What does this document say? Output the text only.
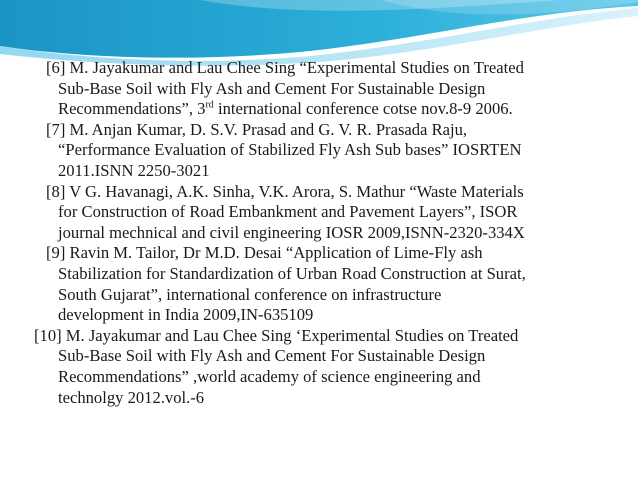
[6] M. Jayakumar and Lau Chee Sing “Experimental Studies on Treated
Sub-Base Soil with Fly Ash and Cement For Sustainable Design
Recommendations”, 3rd international conference cotse nov.8-9 2006.
[7] M. Anjan Kumar, D. S.V. Prasad and G. V. R. Prasada Raju,
“Performance Evaluation of Stabilized Fly Ash Sub bases” IOSRTEN
2011.ISNN 2250-3021
[8] V G. Havanagi, A.K. Sinha, V.K. Arora, S. Mathur “Waste Materials
for Construction of Road Embankment and Pavement Layers”, ISOR
journal mechnical and civil engineering IOSR 2009,ISNN-2320-334X
[9] Ravin M. Tailor, Dr M.D. Desai “Application of Lime-Fly ash
Stabilization for Standardization of Urban Road Construction at Surat,
South Gujarat”, international conference on infrastructure
development in India 2009,IN-635109
[10] M. Jayakumar and Lau Chee Sing ‘Experimental Studies on Treated
Sub-Base Soil with Fly Ash and Cement For Sustainable Design
Recommendations” ,world academy of science engineering and
technolgy 2012.vol.-6
